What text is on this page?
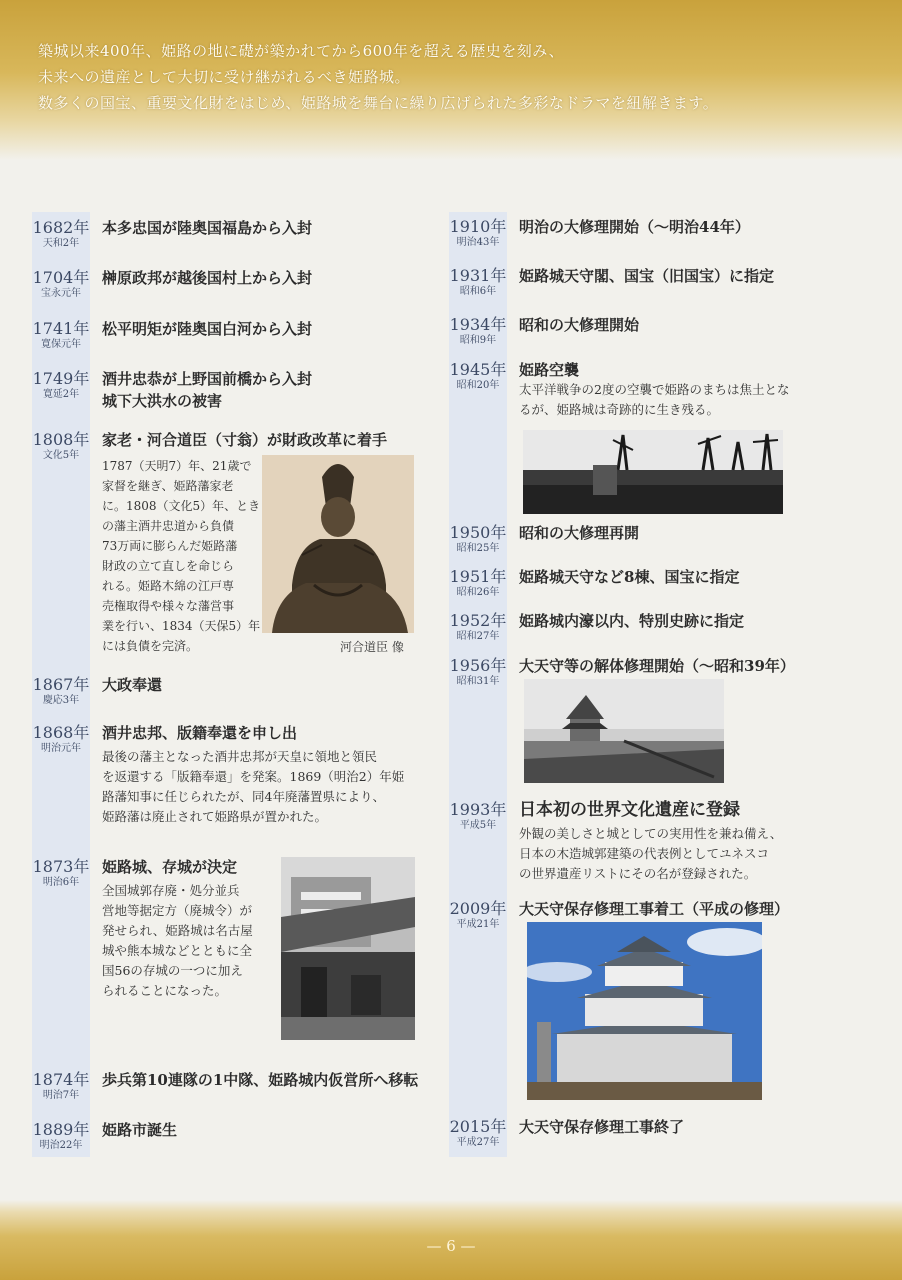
築城以来400年、姫路の地に礎が築かれてから600年を超える歴史を刻み、
未来への遺産として大切に受け継がれるべき姫路城。
数多くの国宝、重要文化財をはじめ、姫路城を舞台に繰り広げられた多彩なドラマを紐解きます。
1682年
天和2年
本多忠国が陸奥国福島から入封
1704年
宝永元年
榊原政邦が越後国村上から入封
1741年
寛保元年
松平明矩が陸奥国白河から入封
1749年
寛延2年
酒井忠恭が上野国前橋から入封
城下大洪水の被害
1808年
文化5年
家老・河合道臣（寸翁）が財政改革に着手
1787（天明7）年、21歳で
家督を継ぎ、姫路藩家老
に。1808（文化5）年、とき
の藩主酒井忠道から負債
73万両に膨らんだ姫路藩
財政の立て直しを命じら
れる。姫路木綿の江戸専
売権取得や様々な藩営事
業を行い、1834（天保5）年
には負債を完済。	河合道臣 像
1867年
慶応3年
大政奉還
1868年
明治元年
酒井忠邦、版籍奉還を申し出
最後の藩主となった酒井忠邦が天皇に領地と領民
を返還する「版籍奉還」を発案。1869（明治2）年姫
路藩知事に任じられたが、同4年廃藩置県により、
姫路藩は廃止されて姫路県が置かれた。
1873年
明治6年
姫路城、存城が決定
全国城郭存廃・処分並兵
営地等据定方（廃城令）が
発せられ、姫路城は名古屋
城や熊本城などとともに全
国56の存城の一つに加え
られることになった。
1874年
明治7年
歩兵第10連隊の1中隊、姫路城内仮営所へ移転
1889年
明治22年
姫路市誕生
1910年
明治43年
明治の大修理開始（〜明治44年）
1931年
昭和6年
姫路城天守閣、国宝（旧国宝）に指定
1934年
昭和9年
昭和の大修理開始
1945年
昭和20年
姫路空襲
太平洋戦争の2度の空襲で姫路のまちは焦土とな
るが、姫路城は奇跡的に生き残る。
1950年
昭和25年
昭和の大修理再開
1951年
昭和26年
姫路城天守など8棟、国宝に指定
1952年
昭和27年
姫路城内濠以内、特別史跡に指定
1956年
昭和31年
大天守等の解体修理開始（〜昭和39年）
1993年
平成5年
日本初の世界文化遺産に登録
外観の美しさと城としての実用性を兼ね備え、
日本の木造城郭建築の代表例としてユネスコ
の世界遺産リストにその名が登録された。
2009年
平成21年
大天守保存修理工事着工（平成の修理）
2015年
平成27年
大天守保存修理工事終了
— 6 —
